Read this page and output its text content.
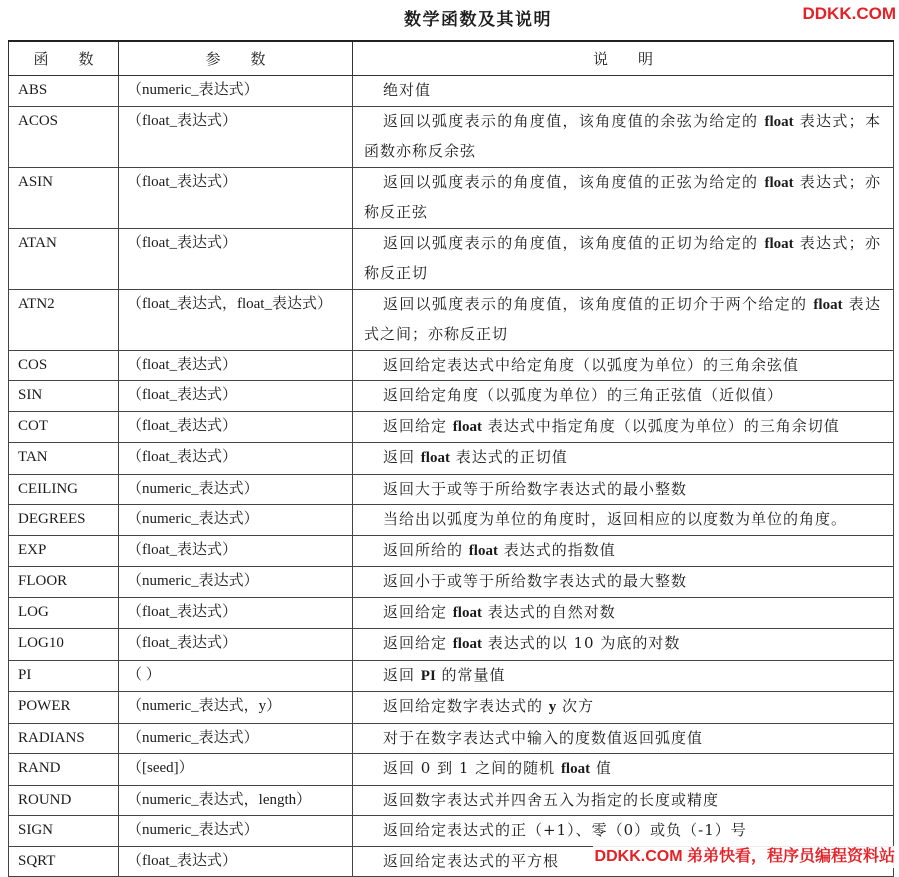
数学函数及其说明	DDKK.COM
函　　数	参　　数	说　　明
ABS	（numeric_表达式）	绝对值
ACOS	（float_表达式）	返回以弧度表示的角度值，该角度值的余弦为给定的 float 表达式；本函数亦称反余弦
ASIN	（float_表达式）	返回以弧度表示的角度值，该角度值的正弦为给定的 float 表达式；亦称反正弦
ATAN	（float_表达式）	返回以弧度表示的角度值，该角度值的正切为给定的 float 表达式；亦称反正切
ATN2	（float_表达式，float_表达式）	返回以弧度表示的角度值，该角度值的正切介于两个给定的 float 表达式之间；亦称反正切
COS	（float_表达式）	返回给定表达式中给定角度（以弧度为单位）的三角余弦值
SIN	（float_表达式）	返回给定角度（以弧度为单位）的三角正弦值（近似值）
COT	（float_表达式）	返回给定 float 表达式中指定角度（以弧度为单位）的三角余切值
TAN	（float_表达式）	返回 float 表达式的正切值
CEILING	（numeric_表达式）	返回大于或等于所给数字表达式的最小整数
DEGREES	（numeric_表达式）	当给出以弧度为单位的角度时，返回相应的以度数为单位的角度。
EXP	（float_表达式）	返回所给的 float 表达式的指数值
FLOOR	（numeric_表达式）	返回小于或等于所给数字表达式的最大整数
LOG	（float_表达式）	返回给定 float 表达式的自然对数
LOG10	（float_表达式）	返回给定 float 表达式的以 10 为底的对数
PI	（ ）	返回 PI 的常量值
POWER	（numeric_表达式，y）	返回给定数字表达式的 y 次方
RADIANS	（numeric_表达式）	对于在数字表达式中输入的度数值返回弧度值
RAND	（[seed]）	返回 0 到 1 之间的随机 float 值
ROUND	（numeric_表达式，length）	返回数字表达式并四舍五入为指定的长度或精度
SIGN	（numeric_表达式）	返回给定表达式的正（+1）、零（0）或负（-1）号
SQRT	（float_表达式）	返回给定表达式的平方根 DDKK.COM 弟弟快看，程序员编程资料站
